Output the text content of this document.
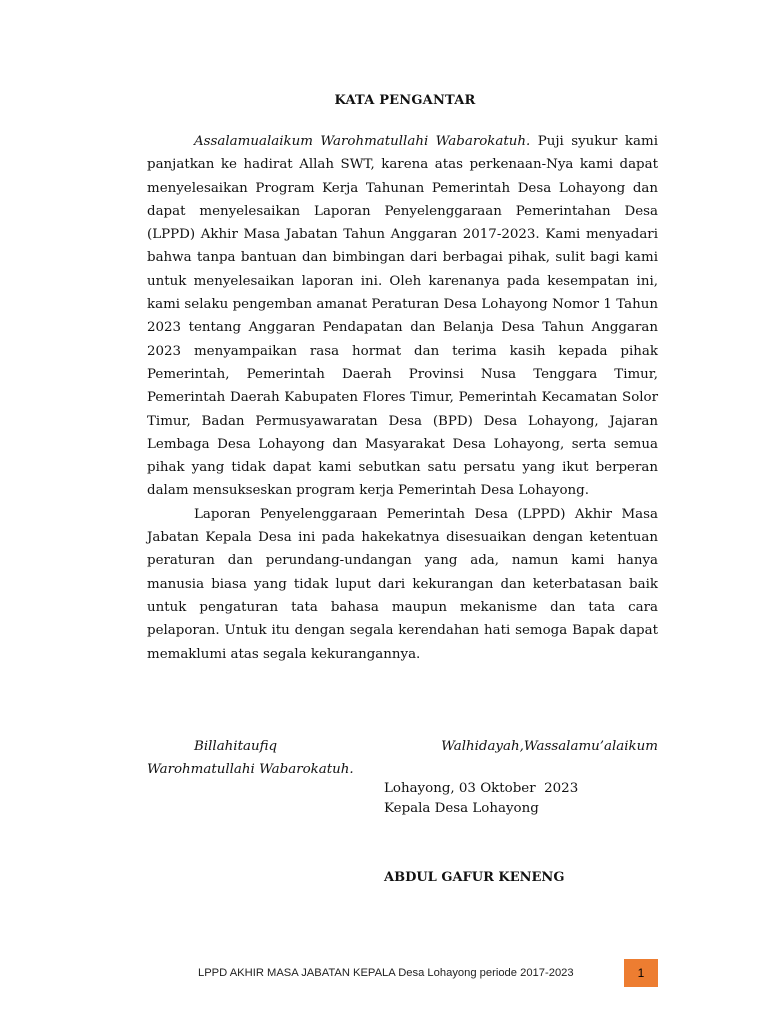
KATA PENGANTAR

Assalamualaikum Warohmatullahi Wabarokatuh. Puji syukur kami panjatkan ke hadirat Allah SWT, karena atas perkenaan-Nya kami dapat menyelesaikan Program Kerja Tahunan Pemerintah Desa Lohayong dan dapat menyelesaikan Laporan Penyelenggaraan Pemerintahan Desa (LPPD) Akhir Masa Jabatan Tahun Anggaran 2017-2023. Kami menyadari bahwa tanpa bantuan dan bimbingan dari berbagai pihak, sulit bagi kami untuk menyelesaikan laporan ini. Oleh karenanya pada kesempatan ini, kami selaku pengemban amanat Peraturan Desa Lohayong Nomor 1 Tahun 2023 tentang Anggaran Pendapatan dan Belanja Desa Tahun Anggaran 2023 menyampaikan rasa hormat dan terima kasih kepada pihak Pemerintah, Pemerintah Daerah Provinsi Nusa Tenggara Timur, Pemerintah Daerah Kabupaten Flores Timur, Pemerintah Kecamatan Solor Timur, Badan Permusyawaratan Desa (BPD) Desa Lohayong, Jajaran Lembaga Desa Lohayong dan Masyarakat Desa Lohayong, serta semua pihak yang tidak dapat kami sebutkan satu persatu yang ikut berperan dalam mensukseskan program kerja Pemerintah Desa Lohayong.

Laporan Penyelenggaraan Pemerintah Desa (LPPD) Akhir Masa Jabatan Kepala Desa ini pada hakekatnya disesuaikan dengan ketentuan peraturan dan perundang-undangan yang ada, namun kami hanya manusia biasa yang tidak luput dari kekurangan dan keterbatasan baik untuk pengaturan tata bahasa maupun mekanisme dan tata cara pelaporan. Untuk itu dengan segala kerendahan hati semoga Bapak dapat memaklumi atas segala kekurangannya.

Billahitaufiq	Walhidayah,Wassalamu’alaikum
Warohmatullahi Wabarokatuh.
Lohayong, 03 Oktober  2023
Kepala Desa Lohayong
ABDUL GAFUR KENENG
LPPD AKHIR MASA JABATAN KEPALA Desa Lohayong periode 2017-2023	1
